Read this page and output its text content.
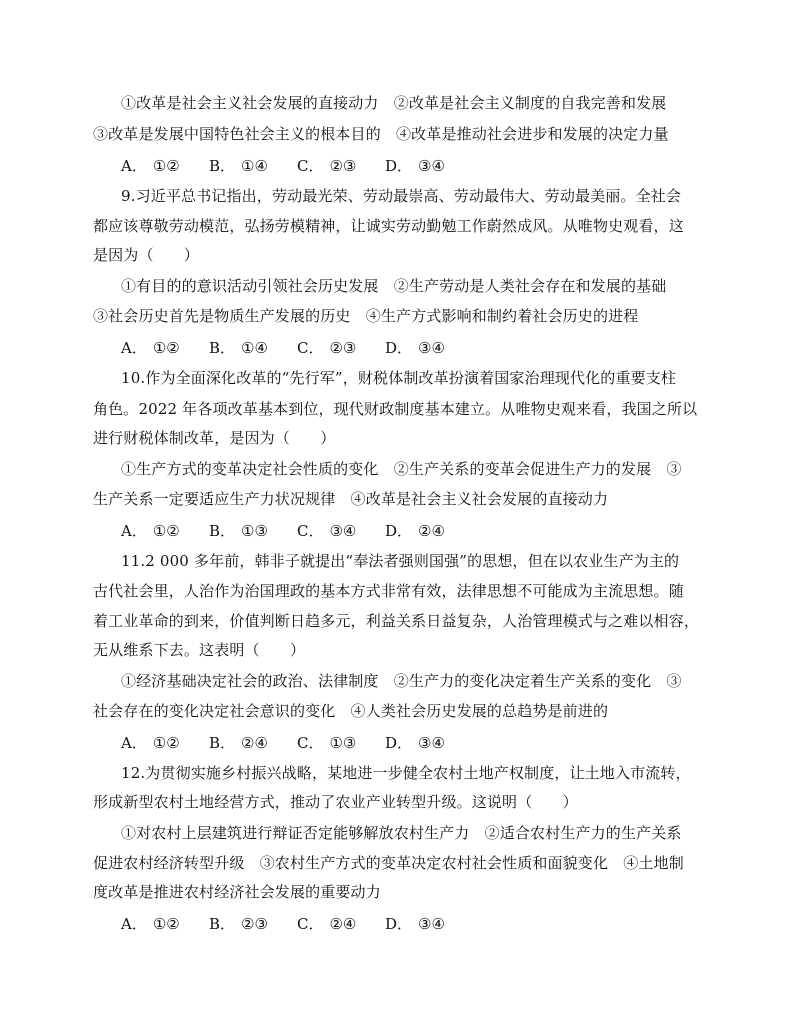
①改革是社会主义社会发展的直接动力　②改革是社会主义制度的自我完善和发展
③改革是发展中国特色社会主义的根本目的　④改革是推动社会进步和发展的决定力量
A． ①② B． ①④ C． ②③ D． ③④
9.习近平总书记指出，劳动最光荣、劳动最崇高、劳动最伟大、劳动最美丽。全社会
都应该尊敬劳动模范，弘扬劳模精神，让诚实劳动勤勉工作蔚然成风。从唯物史观看，这
是因为（　　）
①有目的的意识活动引领社会历史发展　②生产劳动是人类社会存在和发展的基础
③社会历史首先是物质生产发展的历史　④生产方式影响和制约着社会历史的进程
A． ①② B． ①④ C． ②③ D． ③④
10.作为全面深化改革的“先行军”，财税体制改革扮演着国家治理现代化的重要支柱
角色。2022 年各项改革基本到位，现代财政制度基本建立。从唯物史观来看，我国之所以
进行财税体制改革，是因为（　　）
①生产方式的变革决定社会性质的变化　②生产关系的变革会促进生产力的发展　③
生产关系一定要适应生产力状况规律　④改革是社会主义社会发展的直接动力
A． ①② B． ①③ C． ③④ D． ②④
11.2 000 多年前，韩非子就提出“奉法者强则国强”的思想，但在以农业生产为主的
古代社会里，人治作为治国理政的基本方式非常有效，法律思想不可能成为主流思想。随
着工业革命的到来，价值判断日趋多元，利益关系日益复杂，人治管理模式与之难以相容，
无从维系下去。这表明（　　）
①经济基础决定社会的政治、法律制度　②生产力的变化决定着生产关系的变化　③
社会存在的变化决定社会意识的变化　④人类社会历史发展的总趋势是前进的
A． ①② B． ②④ C． ①③ D． ③④
12.为贯彻实施乡村振兴战略，某地进一步健全农村土地产权制度，让土地入市流转，
形成新型农村土地经营方式，推动了农业产业转型升级。这说明（　　）
①对农村上层建筑进行辩证否定能够解放农村生产力　②适合农村生产力的生产关系
促进农村经济转型升级　③农村生产方式的变革决定农村社会性质和面貌变化　④土地制
度改革是推进农村经济社会发展的重要动力
A． ①② B． ②③ C． ②④ D． ③④
